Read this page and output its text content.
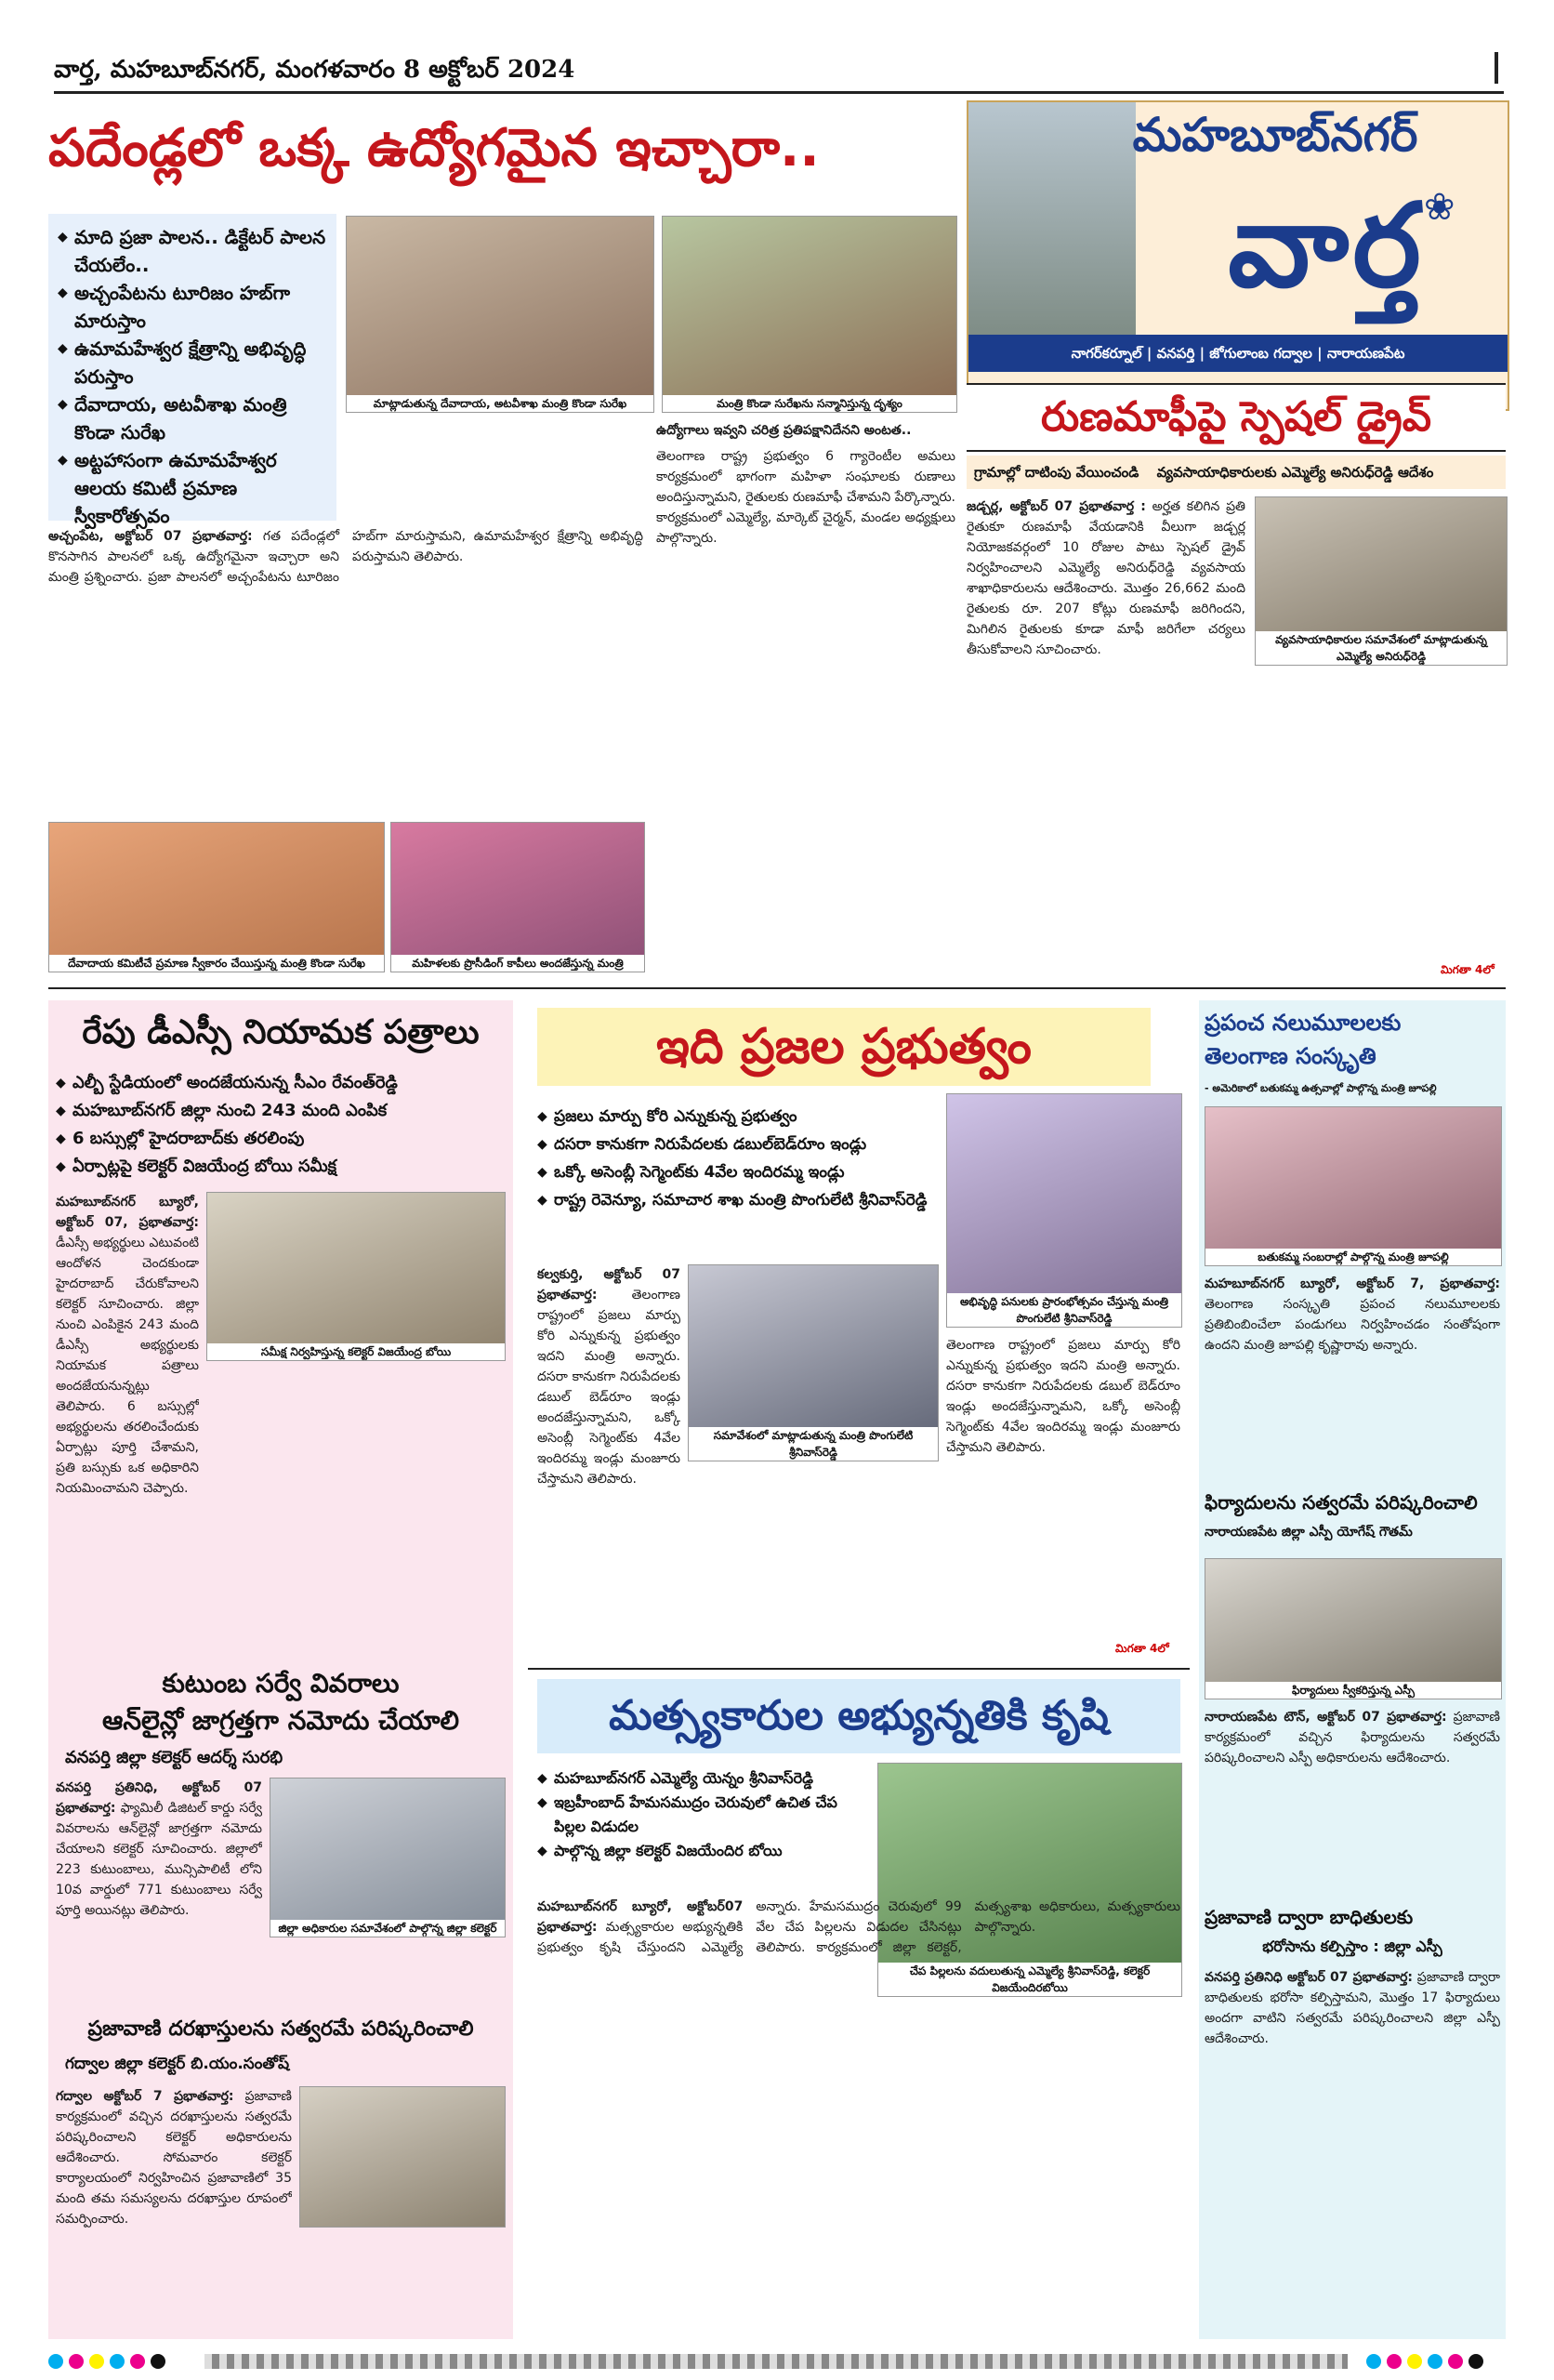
వార్త, మహబూబ్‌నగర్, మంగళవారం 8 అక్టోబర్ 2024
పదేండ్లలో ఒక్క ఉద్యోగమైన ఇచ్చారా..	మహబూబ్‌నగర్
వార్త ❀
నాగర్‌కర్నూల్ | వనపర్తి | జోగులాంబ గద్వాల | నారాయణపేట
◆ మాది ప్రజా పాలన.. డిక్టేటర్ పాలన చేయలేం..
◆ అచ్చంపేటను టూరిజం హబ్‌గా మారుస్తాం
◆ ఉమామహేశ్వర క్షేత్రాన్ని అభివృద్ధి పరుస్తాం
◆ దేవాదాయ, అటవీశాఖ మంత్రి కొండా సురేఖ
◆ అట్టహాసంగా ఉమామహేశ్వర ఆలయ కమిటీ ప్రమాణ స్వీకారోత్సవం
మాట్లాడుతున్న దేవాదాయ, అటవీశాఖ మంత్రి కొండా సురేఖ	మంత్రి కొండా సురేఖను సన్మానిస్తున్న దృశ్యం

అచ్చంపేట, అక్టోబర్ 07 ప్రభాతవార్త: గత పదేండ్లలో కొనసాగిన పాలనలో ఒక్క ఉద్యోగమైనా ఇచ్చారా అని మంత్రి ప్రశ్నించారు. ప్రజా పాలనలో అచ్చంపేటను టూరిజం హబ్‌గా మారుస్తామని, ఉమామహేశ్వర క్షేత్రాన్ని అభివృద్ధి పరుస్తామని తెలిపారు.

ఉద్యోగాలు ఇవ్వని చరిత్ర ప్రతిపక్షానిదేనని అంటత..

తెలంగాణ రాష్ట్ర ప్రభుత్వం 6 గ్యారెంటీల అమలు కార్యక్రమంలో భాగంగా మహిళా సంఘాలకు రుణాలు అందిస్తున్నామని, రైతులకు రుణమాఫీ చేశామని పేర్కొన్నారు. కార్యక్రమంలో ఎమ్మెల్యే, మార్కెట్ చైర్మన్, మండల అధ్యక్షులు పాల్గొన్నారు.

దేవాదాయ కమిటీచే ప్రమాణ స్వీకారం చేయిస్తున్న మంత్రి కొండా సురేఖ	మహిళలకు ప్రొసీడింగ్ కాపీలు అందజేస్తున్న మంత్రి
రుణమాఫీపై స్పెషల్ డ్రైవ్
గ్రామాల్లో దాటింపు వేయించండి వ్యవసాయాధికారులకు ఎమ్మెల్యే అనిరుధ్‌రెడ్డి ఆదేశం

జడ్చర్ల, అక్టోబర్ 07 ప్రభాతవార్త : అర్హత కలిగిన ప్రతి రైతుకూ రుణమాఫీ వేయడానికి వీలుగా జడ్చర్ల నియోజకవర్గంలో 10 రోజుల పాటు స్పెషల్ డ్రైవ్ నిర్వహించాలని ఎమ్మెల్యే అనిరుధ్‌రెడ్డి వ్యవసాయ శాఖాధికారులను ఆదేశించారు. మొత్తం 26,662 మంది రైతులకు రూ. 207 కోట్లు రుణమాఫీ జరిగిందని, మిగిలిన రైతులకు కూడా మాఫీ జరిగేలా చర్యలు తీసుకోవాలని సూచించారు.

వ్యవసాయాధికారుల సమావేశంలో మాట్లాడుతున్న ఎమ్మెల్యే అనిరుధ్‌రెడ్డి
మిగతా 4లో
రేపు డీఎస్సీ నియామక పత్రాలు
◆ ఎల్బీ స్టేడియంలో అందజేయనున్న సీఎం రేవంత్‌రెడ్డి
◆ మహబూబ్‌నగర్ జిల్లా నుంచి 243 మంది ఎంపిక
◆ 6 బస్సుల్లో హైదరాబాద్‌కు తరలింపు
◆ ఏర్పాట్లపై కలెక్టర్ విజయేంద్ర బోయి సమీక్ష
సమీక్ష నిర్వహిస్తున్న కలెక్టర్ విజయేంద్ర బోయి

మహబూబ్‌నగర్ బ్యూరో, అక్టోబర్ 07, ప్రభాతవార్త: డీఎస్సీ అభ్యర్థులు ఎటువంటి ఆందోళన చెందకుండా హైదరాబాద్ చేరుకోవాలని కలెక్టర్ సూచించారు. జిల్లా నుంచి ఎంపికైన 243 మంది డీఎస్సీ అభ్యర్థులకు నియామక పత్రాలు అందజేయనున్నట్లు తెలిపారు. 6 బస్సుల్లో అభ్యర్థులను తరలించేందుకు ఏర్పాట్లు పూర్తి చేశామని, ప్రతి బస్సుకు ఒక అధికారిని నియమించామని చెప్పారు.

కుటుంబ సర్వే వివరాలు
ఆన్‌లైన్లో జాగ్రత్తగా నమోదు చేయాలి
వనపర్తి జిల్లా కలెక్టర్ ఆదర్శ్ సురభి
జిల్లా అధికారుల సమావేశంలో పాల్గొన్న జిల్లా కలెక్టర్

వనపర్తి ప్రతినిధి, అక్టోబర్ 07 ప్రభాతవార్త: ఫ్యామిలీ డిజిటల్ కార్డు సర్వే వివరాలను ఆన్‌లైన్లో జాగ్రత్తగా నమోదు చేయాలని కలెక్టర్ సూచించారు. జిల్లాలో 223 కుటుంబాలు, మున్సిపాలిటీ లోని 10వ వార్డులో 771 కుటుంబాలు సర్వే పూర్తి అయినట్లు తెలిపారు.

ప్రజావాణి దరఖాస్తులను సత్వరమే పరిష్కరించాలి
గద్వాల జిల్లా కలెక్టర్ బి.యం.సంతోష్

గద్వాల అక్టోబర్ 7 ప్రభాతవార్త: ప్రజావాణి కార్యక్రమంలో వచ్చిన దరఖాస్తులను సత్వరమే పరిష్కరించాలని కలెక్టర్ అధికారులను ఆదేశించారు. సోమవారం కలెక్టర్ కార్యాలయంలో నిర్వహించిన ప్రజావాణిలో 35 మంది తమ సమస్యలను దరఖాస్తుల రూపంలో సమర్పించారు.

ఇది ప్రజల ప్రభుత్వం
◆ ప్రజలు మార్పు కోరి ఎన్నుకున్న ప్రభుత్వం
◆ దసరా కానుకగా నిరుపేదలకు డబుల్‌బెడ్‌రూం ఇండ్లు
◆ ఒక్కో అసెంబ్లీ సెగ్మెంట్‌కు 4వేల ఇందిరమ్మ ఇండ్లు
◆ రాష్ట్ర రెవెన్యూ, సమాచార శాఖ మంత్రి పొంగులేటి శ్రీనివాస్‌రెడ్డి
అభివృద్ధి పనులకు ప్రారంభోత్సవం చేస్తున్న మంత్రి పొంగులేటి శ్రీనివాస్‌రెడ్డి
సమావేశంలో మాట్లాడుతున్న మంత్రి పొంగులేటి శ్రీనివాస్‌రెడ్డి

కల్వకుర్తి, అక్టోబర్ 07 ప్రభాతవార్త:	తెలంగాణ రాష్ట్రంలో ప్రజలు మార్పు కోరి ఎన్నుకున్న ప్రభుత్వం ఇదని మంత్రి అన్నారు. దసరా కానుకగా నిరుపేదలకు డబుల్ బెడ్‌రూం ఇండ్లు అందజేస్తున్నామని, ఒక్కో అసెంబ్లీ సెగ్మెంట్‌కు 4వేల ఇందిరమ్మ ఇండ్లు మంజూరు చేస్తామని తెలిపారు.

తెలంగాణ రాష్ట్రంలో ప్రజలు మార్పు కోరి ఎన్నుకున్న ప్రభుత్వం ఇదని మంత్రి అన్నారు. దసరా కానుకగా నిరుపేదలకు డబుల్ బెడ్‌రూం ఇండ్లు అందజేస్తున్నామని, ఒక్కో అసెంబ్లీ సెగ్మెంట్‌కు 4వేల ఇందిరమ్మ ఇండ్లు మంజూరు చేస్తామని తెలిపారు.

మిగతా 4లో
మత్స్యకారుల అభ్యున్నతికి కృషి
◆ మహబూబ్‌నగర్ ఎమ్మెల్యే యెన్నం శ్రీనివాస్‌రెడ్డి
◆ ఇబ్రహీంబాద్ హేమసముద్రం చెరువులో ఉచిత చేప పిల్లల విడుదల
◆ పాల్గొన్న జిల్లా కలెక్టర్ విజయేందిర బోయి
చేప పిల్లలను వదులుతున్న ఎమ్మెల్యే శ్రీనివాస్‌రెడ్డి, కలెక్టర్ విజయేందిరబోయి

మహబూబ్‌నగర్ బ్యూరో, అక్టోబర్07 ప్రభాతవార్త: మత్స్యకారుల అభ్యున్నతికి ప్రభుత్వం కృషి చేస్తుందని ఎమ్మెల్యే అన్నారు. హేమసముద్రం చెరువులో 99 వేల చేప పిల్లలను విడుదల చేసినట్లు తెలిపారు. కార్యక్రమంలో జిల్లా కలెక్టర్, మత్స్యశాఖ అధికారులు, మత్స్యకారులు పాల్గొన్నారు.

ప్రపంచ నలుమూలలకు
తెలంగాణ సంస్కృతి
- అమెరికాలో బతుకమ్మ ఉత్సవాల్లో పాల్గొన్న మంత్రి జూపల్లి
బతుకమ్మ సంబరాల్లో పాల్గొన్న మంత్రి జూపల్లి

మహబూబ్‌నగర్ బ్యూరో, అక్టోబర్ 7, ప్రభాతవార్త: తెలంగాణ సంస్కృతి ప్రపంచ నలుమూలలకు ప్రతిబింబించేలా పండుగలు నిర్వహించడం సంతోషంగా ఉందని మంత్రి జూపల్లి కృష్ణారావు అన్నారు.

ఫిర్యాదులను సత్వరమే పరిష్కరించాలి
నారాయణపేట జిల్లా ఎస్పీ యోగేష్ గౌతమ్
ఫిర్యాదులు స్వీకరిస్తున్న ఎస్పీ

నారాయణపేట టౌన్, అక్టోబర్ 07 ప్రభాతవార్త: ప్రజావాణి కార్యక్రమంలో వచ్చిన ఫిర్యాదులను సత్వరమే పరిష్కరించాలని ఎస్పీ అధికారులను ఆదేశించారు.

ప్రజావాణి ద్వారా బాధితులకు
భరోసాను కల్పిస్తాం : జిల్లా ఎస్పీ

వనపర్తి ప్రతినిధి అక్టోబర్ 07 ప్రభాతవార్త: ప్రజావాణి ద్వారా బాధితులకు భరోసా కల్పిస్తామని, మొత్తం 17 ఫిర్యాదులు అందగా వాటిని సత్వరమే పరిష్కరించాలని జిల్లా ఎస్పీ ఆదేశించారు.
